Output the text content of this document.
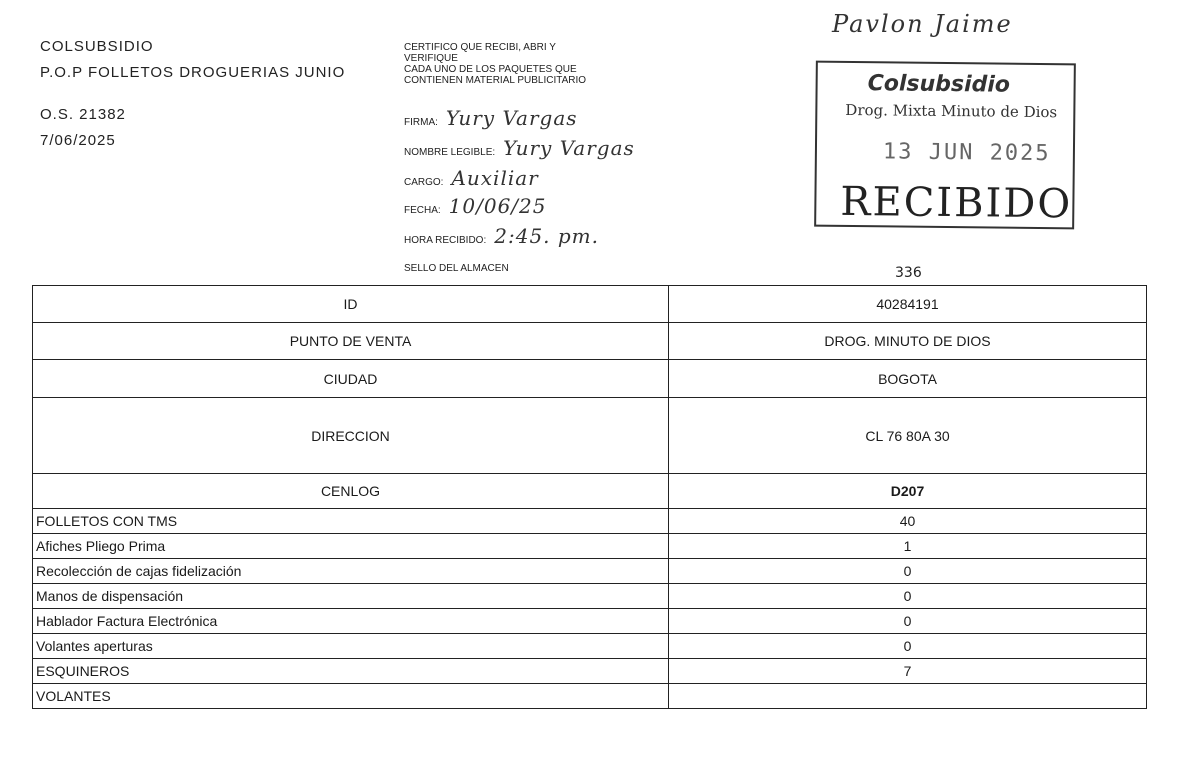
COLSUBSIDIO
P.O.P FOLLETOS DROGUERIAS JUNIO
O.S. 21382
7/06/2025
CERTIFICO QUE RECIBI, ABRI Y
VERIFIQUE
CADA UNO DE LOS PAQUETES QUE
CONTIENEN MATERIAL PUBLICITARIO
FIRMA: Yury Vargas
NOMBRE LEGIBLE: Yury Vargas
CARGO: Auxiliar
FECHA: 10/06/25
HORA RECIBIDO: 2:45. pm.
SELLO DEL ALMACEN
Pavlon Jaime
Colsubsidio
Drog. Mixta Minuto de Dios
13 JUN 2025
RECIBIDO
336
ID	40284191
PUNTO DE VENTA	DROG. MINUTO DE DIOS
CIUDAD	BOGOTA
DIRECCION	CL 76 80A 30
CENLOG	D207
FOLLETOS CON TMS	40
Afiches Pliego Prima	1
Recolección de cajas fidelización	0
Manos de dispensación	0
Hablador Factura Electrónica	0
Volantes aperturas	0
ESQUINEROS	7
VOLANTES	
